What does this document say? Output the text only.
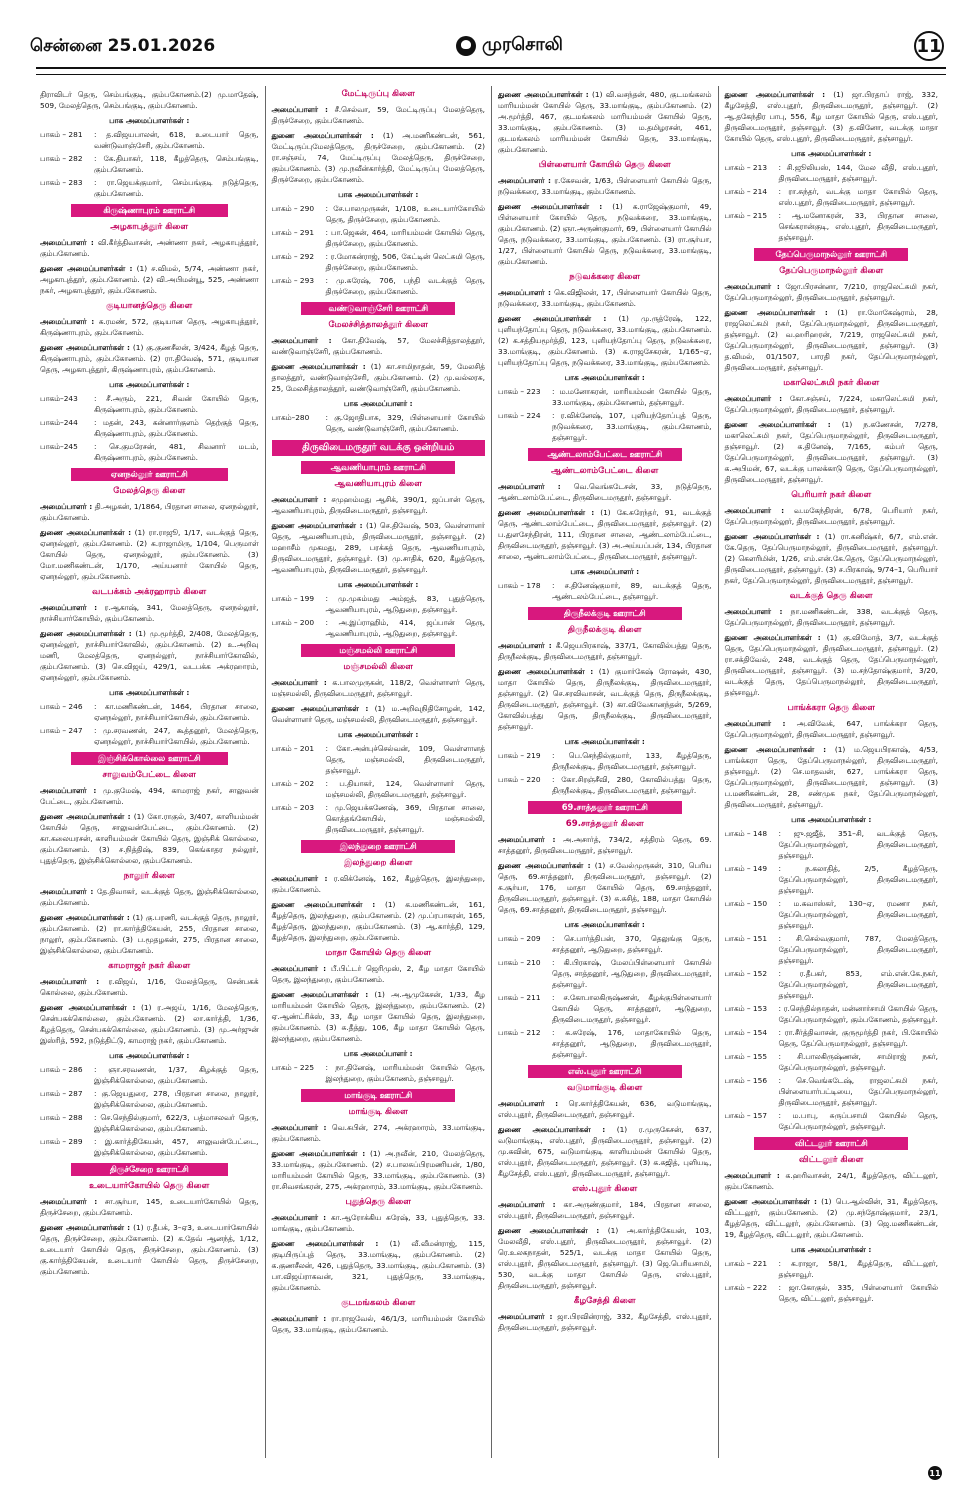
சென்னை 25.01.2026	முரசொலி	11
திராவிடர் தெரு, செம்பங்குடி, கும்பகோணம்.(2) மு.மாதேஷ், 509, மேலத்தெரு, செம்பங்குடி, கும்பகோணம்.
பாக அமைப்பாளர்கள் :
பாகம் – 281	: த.விஜயபாலன், 618, உடையார் தெரு, வண்டுவாஞ்சேரி, கும்பகோணம்.
பாகம் – 282	: கே.தியாகர், 118, கீழத்தெரு, செம்பங்குடி, கும்பகோணம்.
பாகம் – 283	: ரா.ஜெயக்குமார், செம்பங்குடி நடுத்தெரு, கும்பகோணம்.
கிருஷ்ணாபுரம் ஊராட்சி
அழகாபுத்தூர் கிளை
அமைப்பாளர் : வி.கீர்த்திவாசன், அண்ணா நகர், அழகாபுத்தூர், கும்பகோணம்.
துணை அமைப்பாளர்கள் : (1) ச.விமல், 5/74, அண்ணா நகர், அழகாபுத்தூர், கும்பகோணம். (2) வி.அபிமன்யூ, 525, அண்ணா நகர், அழகாபுத்தூர், கும்பகோணம்.
குடியானத்தெரு கிளை
அமைப்பாளர் : க.ரமண், 572, குடியான தெரு, அழகாபுத்தூர், கிருஷ்ணாபுரம், கும்பகோணம்.
துணை அமைப்பாளர்கள் : (1) கு.குணசீலன், 3/424, கீழத் தெரு, கிருஷ்ணாபுரம், கும்பகோணம். (2) ரா.திவேஷ், 571, குடியான தெரு, அழகாபுத்தூர், கிருஷ்ணாபுரம், கும்பகோணம்.
பாக அமைப்பாளர்கள் :
பாகம்–243	: சீ.அரும், 221, சிவன் கோயில் தெரு, கிருஷ்ணாபுரம், கும்பகோணம்.
பாகம்–244	: மதன், 243, கன்னார்குளம் தெற்குத் தெரு, கிருஷ்ணாபுரம், கும்பகோணம்.
பாகம்–245	: செ.குமரேசன், 481, சிவனார் மடம், கிருஷ்ணாபுரம், கும்பகோணம்.
ஏனநல்லூர் ஊராட்சி
மேலத்தெரு கிளை
அமைப்பாளர் : தி.அழகன், 1/1864, பிரதான சாலை, ஏனநல்லூர், கும்பகோணம்.
துணை அமைப்பாளர்கள் : (1) ரா.ராஜூ, 1/17, வடக்குத் தெரு, ஏனநல்லூர், கும்பகோணம். (2) க.ராஜாமிரு, 1/104, பெருமாள் கோயில் தெரு, ஏனநல்லூர், கும்பகோணம். (3) மோ.மணிகண்டன், 1/170, அய்யனார் கோயில் தெரு, ஏனநல்லூர், கும்பகோணம்.
வடபக்கம் அக்ரஹாரம் கிளை
அமைப்பாளர் : ர.ஆகாஷ், 341, மேலத்தெரு, ஏனநல்லூர், நாச்சியார்கோயில், கும்பகோணம்.
துணை அமைப்பாளர்கள் : (1) மு.மூர்த்தி, 2/408, மேலத்தெரு, ஏனநல்லூர், நாச்சியார்கோவில், கும்பகோணம். (2) உ.அறிவு மணி, மேலத்தெரு, ஏனநல்லூர், நாச்சியார்கோவில், கும்பகோணம். (3) செ.விஜய், 429/1, வடபக்க அக்ரஹாரம், ஏனநல்லூர், கும்பகோணம்.
பாக அமைப்பாளர்கள் :
பாகம் – 246	: கா.மணிகண்டன், 1464, பிரதான சாலை, ஏனநல்லூர், நாச்சியார்கோயில், கும்பகோணம்.
பாகம் – 247	: மு.சரவணன், 247, கூத்தனூர், மேலத்தெரு, ஏனநல்லூர், நாச்சியார்கோயில், கும்பகோணம்.
இஞ்சிக்கொல்லை ஊராட்சி
சாலுவம்பேட்டை கிளை
அமைப்பாளர் : மு.குமேஷ், 494, காமராஜ் நகர், சாலுவன் பேட்டை, கும்பகோணம்.
துணை அமைப்பாளர்கள் : (1) கோ.ராகுல், 3/407, காளியம்மன் கோயில் தெரு, சாலுவன்பேட்டை, கும்பகோணம். (2) கா.கலையரசன், காளியம்மன் கோயில் தெரு, இஞ்சிக் கொல்லை, கும்பகோணம். (3) ச.நித்திஷ், 839, கெங்காதர நல்லூர், புதுத்தெரு, இஞ்சிக்கொல்லை, கும்பகோணம்.
நாலூர் கிளை
அமைப்பாளர் : தே.திவாகர், வடக்குத் தெரு, இஞ்சிக்கொல்லை, கும்பகோணம்.
துணை அமைப்பாளர்கள் : (1) கு.பரணி, வடக்குத் தெரு, நாலூர், கும்பகோணம். (2) ரா.கார்த்திகேயன், 255, பிரதான சாலை, நாலூர், கும்பகோணம். (3) ப.மூதழகன், 275, பிரதான சாலை, இஞ்சிக்கொல்லை, கும்பகோணம்.
காமராஜர் நகர் கிளை
அமைப்பாளர் : ர.விஜய், 1/16, மேலத்தெரு, சென்பகக் கொல்லை, கும்பகோணம்.
துணை அமைப்பாளர்கள் : (1) ர.அஜய், 1/16, மேலத்தெரு, சென்பகக்கொல்லை, கும்பகோணம். (2) லா.கார்த்தி, 1/36, கீழத்தெரு, சென்பகக்கொல்லை, கும்பகோணம். (3) மு.அர்ஜுன் இஸ்ரித், 592, நடுத்திட்டு, காமராஜ் நகர், கும்பகோணம்.
பாக அமைப்பாளர்கள் :
பாகம் – 286	: ஞா.சரவணன், 1/37, கிழக்குத் தெரு, இஞ்சிக்கொல்லை, கும்பகோணம்.
பாகம் – 287	: கு.ஜெயதுரை, 278, பிரதான சாலை, நாலூர், இஞ்சிக்கொல்லை, கும்பகோணம்.
பாகம் – 288	: செ.செந்தில்குமார், 622/3, பத்மாசலவர் தெரு, இஞ்சிக்கொல்லை, கும்பகோணம்.
பாகம் – 289	: இ.கார்த்திகேயன், 457, சாலுவன்பேட்டை, இஞ்சிக்கொல்லை, கும்பகோணம்.
திருச்சேறை ஊராட்சி
உடையார்கோயில் தெரு கிளை
அமைப்பாளர் : சா.சூர்யா, 145, உடையார்கோயில் தெரு, திருச்சேறை, கும்பகோணம்.
துணை அமைப்பாளர்கள் : (1) ர.தீபக், 3–ஏ3, உடையார்கோயில் தெரு, திருச்சேறை, கும்பகோணம். (2) க.தேவ் ஆனந்த், 1/12, உடையார் கோயில் தெரு, திருச்சேறை, கும்பகோணம். (3) கு.கார்த்திகேயன், உடையார் கோயில் தெரு, திருச்சேறை, கும்பகோணம்.
மேட்டிருப்பு கிளை
அமைப்பாளர் : சீ.செல்வா, 59, மேட்டிருப்பு மேலத்தெரு, திருச்சேறை, கும்பகோணம்.
துணை அமைப்பாளர்கள் : (1) அ.மணிகண்டன், 561, மேட்டிருப்புமேலத்தெரு, திருச்சேறை, கும்பகோணம். (2) ரா.சஞ்சய், 74, மேட்டிருப்பு மேலத்தெரு, திருச்சேறை, கும்பகோணம். (3) மு.நவீன்கார்த்தி, மேட்டிருப்பு மேலத்தெரு, திருச்சேறை, கும்பகோணம்.
பாக அமைப்பாளர்கள் :
பாகம் – 290	: சே.பாலமுருகன், 1/108, உடையார்கோயில் தெரு, திருச்சேறை, கும்பகோணம்.
பாகம் – 291	: பா.ஜெகன், 464, மாரியம்மன் கோயில் தெரு, திருச்சேறை, கும்பகோணம்.
பாகம் – 292	: ர.மோகன்ராஜ், 506, கேட்டின் லெட்சுமி தெரு, திருச்சேறை, கும்பகோணம்.
பாகம் – 293	: மு.சுரேஷ், 706, பந்தி வடக்குத் தெரு, திருச்சேறை, கும்பகோணம்.
வண்டுவாஞ்சேரி ஊராட்சி
மேலச்சித்தாலத்தூர் கிளை
அமைப்பாளர் : கோ.திவேஷ், 57, மேலச்சித்தாலத்தூர், வண்டுவாஞ்சேரி, கும்பகோணம்.
துணை அமைப்பாளர்கள் : (1) கா.சாமிநாதன், 59, மேலசித் தாலத்தூர், வண்டுவாஞ்சேரி, கும்பகோணம். (2) மு.வல்லரசு, 25, மேலசித்தாலத்தூர், வண்டுவாஞ்சேரி, கும்பகோணம்.
பாக அமைப்பாளர் :
பாகம்–280	: கு.ஜோதிபாசு, 329, பிள்ளையார் கோயில் தெரு, வண்டுவாஞ்சேரி, கும்பகோணம்.
திருவிடைமருதூர் வடக்கு ஒன்றியம்
ஆவணியாபுரம் ஊராட்சி
ஆவணியாபுரம் கிளை
அமைப்பாளர் : சமுஹம்மது ஆசிக், 390/1, ஜப்பான் தெரு, ஆவணியாபுரம், திருவிடைமருதூர், தஞ்சாவூர்.
துணை அமைப்பாளர்கள் : (1) செ.திவேஷ், 503, வெள்ளாளர் தெரு, ஆவணியாபுரம், திருவிடைமருதூர், தஞ்சாவூர். (2) மஹாசீம் முகமது, 289, பரக்கத் தெரு, ஆவணியாபுரம், திருவிடைமருதூர், தஞ்சாவூர். (3) மு.சாதிக், 620, கீழத்தெரு, ஆவணியாபுரம், திருவிடைமருதூர், தஞ்சாவூர்.
பாக அமைப்பாளர்கள் :
பாகம் – 199	: மு.முகம்மது அம்ஜத், 83, புதுத்தெரு, ஆவணியாபுரம், ஆடுதுறை, தஞ்சாவூர்.
பாகம் – 200	: அ.இப்ராஹிம், 414, ஜப்பான் தெரு, ஆவணியாபுரம், ஆடுதுறை, தஞ்சாவூர்.
மஞ்சமல்லி ஊராட்சி
மஞ்சமல்லி கிளை
அமைப்பாளர் : க.பாலமுருகன், 118/2, வெள்ளாளர் தெரு, மஞ்சமல்லி, திருவிடைமருதூர், தஞ்சாவூர்.
துணை அமைப்பாளர்கள் : (1) ம.அறிவுநிதிசோழன், 142, வெள்ளாளர் தெரு, மஞ்சமல்லி, திருவிடைமருதூர், தஞ்சாவூர்.
பாக அமைப்பாளர்கள் :
பாகம் – 201	: கோ.அன்புச்செல்வன், 109, வெள்ளாளத் தெரு, மஞ்சமல்லி, திருவிடைமருதூர், தஞ்சாவூர்.
பாகம் – 202	: ப.தியாகர், 124, வெள்ளாளர் தெரு, மஞ்சமல்லி, திருவிடைமருதூர், தஞ்சாவூர்.
பாகம் – 203	: மு.ஜெயக்கணேஷ், 369, பிரதான சாலை, கொத்தங்கோயில், மஞ்சமல்லி, திருவிடைமருதூர், தஞ்சாவூர்.
இலந்துறை ஊராட்சி
இலந்துறை கிளை
அமைப்பாளர் : ர.விக்னேஷ், 162, கீழத்தெரு, இலந்துறை, கும்பகோணம்.
துணை அமைப்பாளர்கள் : (1) க.மணிகண்டன், 161, கீழத்தெரு, இலந்துறை, கும்பகோணம். (2) மு.ப்ரபாகரன், 165, கீழத்தெரு, இலந்துறை, கும்பகோணம். (3) ஆ.கார்த்தி, 129, கீழத்தெரு, இலந்துறை, கும்பகோணம்.
மாதா கோயில் தெரு கிளை
அமைப்பாளர் : பீ.பிட்டர் ஜெரிமுஸ், 2, கீழ மாதா கோயில் தெரு, இலந்துறை, கும்பகோணம்.
துணை அமைப்பாளர்கள் : (1) அ.ஆமுகேசன், 1/33, கீழ மாரியம்மன் கோயில் தெரு, இலந்துறை, கும்பகோணம். (2) ஏ.ஆண்ட்ரிக்ஸ், 33, கீழ மாதா கோயில் தெரு, இலந்துறை, கும்பகோணம். (3) சு.தீத்து, 106, கீழ மாதா கோயில் தெரு, இலந்துறை, கும்பகோணம்.
பாக அமைப்பாளர் :
பாகம் – 225	: நா.தினேஷ், மாரியம்மன் கோயில் தெரு, இலந்துறை, கும்பகோணம், தஞ்சாவூர்.
மாங்குடி ஊராட்சி
மாங்குடி கிளை
அமைப்பாளர் : வெ.சுபின், 274, அக்ரஹாரம், 33.மாங்குடி, கும்பகோணம்.
துணை அமைப்பாளர்கள் : (1) அ.நவீன், 210, மேலத்தெரு, 33.மாங்குடி, கும்பகோணம். (2) ச.பாலசுப்பிரமணியன், 1/80, மாரியம்மன் கோயில் தெரு, 33.மாங்குடி, கும்பகோணம். (3) ரா.சிவசங்கரன், 275, அக்ரஹாரம், 33.மாங்குடி, கும்பகோணம்.
புதுத்தெரு கிளை
அமைப்பாளர் : கா.ஆரோக்கிய சுரேஷ், 33, புதுத்தெரு, 33. மாங்குடி, கும்பகோணம்.
துணை அமைப்பாளர்கள் : (1) வீ.வீமன்ராஜ், 115, குடியிருப்புத் தெரு, 33.மாங்குடி, கும்பகோணம். (2) க.குணசீலன், 426, புதுத்தெரு, 33.மாங்குடி, கும்பகோணம். (3) பா.விஜய்ராகவன், 321, புதுத்தெரு, 33.மாங்குடி, கும்பகோணம்.
குடமங்கலம் கிளை
அமைப்பாளர் : ரா.ராஜவேல், 46/1/3, மாரியம்மன் கோயில் தெரு, 33.மாங்குடி, கும்பகோணம்.
துணை அமைப்பாளர்கள் : (1) வி.வசந்தன், 480, குடமங்கலம் மாரியம்மன் கோயில் தெரு, 33.மாங்குடி, கும்பகோணம். (2) அ.மூர்த்தி, 467, குடமங்கலம் மாரியம்மன் கோயில் தெரு, 33.மாங்குடி, கும்பகோணம். (3) ம.தமிழரசன், 461, குடமங்கலம் மாரியம்மன் கோயில் தெரு, 33.மாங்குடி, கும்பகோணம்.
பிள்ளையார் கோயில் தெரு கிளை
அமைப்பாளர் : ர.கேசவன், 1/63, பிள்ளையார் கோயில் தெரு, நடுவக்கரை, 33.மாங்குடி, கும்பகோணம்.
துணை அமைப்பாளர்கள் : (1) க.ராஜேஷ்குமார், 49, பிள்ளையார் கோயில் தெரு, நடுவக்கரை, 33.மாங்குடி, கும்பகோணம். (2) ஞா.அருண்குமார், 69, பிள்ளையார் கோயில் தெரு, நடுவக்கரை, 33.மாங்குடி, கும்பகோணம். (3) ரா.சூர்யா, 1/27, பிள்ளையார் கோயில் தெரு, நடுவக்கரை, 33.மாங்குடி, கும்பகோணம்.
நடுவக்கரை கிளை
அமைப்பாளர் : கெ.விஜிலன், 17, பிள்ளையார் கோயில் தெரு, நடுவக்கரை, 33.மாங்குடி, கும்பகோணம்.
துணை அமைப்பாளர்கள் : (1) மு.ருத்ரேஷ், 122, புளியந்தோப்பு தெரு, நடுவக்கரை, 33.மாங்குடி, கும்பகோணம். (2) க.சத்தியமூர்த்தி, 123, புளியந்தோப்பு தெரு, நடுவக்கரை, 33.மாங்குடி, கும்பகோணம். (3) க.ராஜசேகரன், 1/165–ஏ, புளியந்தோப்பு தெரு, நடுவக்கரை, 33.மாங்குடி, கும்பகோணம்.
பாக அமைப்பாளர்கள் :
பாகம் – 223	: ம.மனோகரன், மாரியம்மன் கோயில் தெரு, 33.மாங்குடி, கும்பகோணம், தஞ்சாவூர்.
பாகம் – 224	: ர.விக்னேஷ், 107, புளியந்தோப்புத் தெரு, நடுவக்கரை, 33.மாங்குடி, கும்பகோணம், தஞ்சாவூர்.
ஆண்டலாம்பேட்டை ஊராட்சி
ஆண்டலாம்பேட்டை கிளை
அமைப்பாளர் : வெ.வெங்கடேசன், 33, நடுத்தெரு, ஆண்டலாம்பேட்டை, திருவிடைமருதூர், தஞ்சாவூர்.
துணை அமைப்பாளர்கள் : (1) கே.சுரேந்தர், 91, வடக்குத் தெரு, ஆண்டலாம்பேட்டை, திருவிடைமருதூர், தஞ்சாவூர். (2) ப.துளசேந்திரன், 111, பிரதான சாலை, ஆண்டலாம்பேட்டை, திருவிடைமருதூர், தஞ்சாவூர். (3) அ.அய்யப்பன், 134, பிரதான சாலை, ஆண்டலாம்பேட்டை, திருவிடைமருதூர், தஞ்சாவூர்.
பாக அமைப்பாளர் :
பாகம் – 178	: ச.தினேஷ்குமார், 89, வடக்குத் தெரு, ஆண்டலம்பேட்டை, தஞ்சாவூர்.
திருநீலக்குடி ஊராட்சி
திருநீலக்குடி கிளை
அமைப்பாளர் : கீ.ஜெயபிரகாஷ், 337/1, கோவில்பத்து தெரு, திருநீலக்குடி, திருவிடைமருதூர், தஞ்சாவூர்.
துணை அமைப்பாளர்கள் : (1) குமார்கேஷ் ரோஷன், 430, மாதா கோயில் தெரு, திருநீலக்குடி, திருவிடைமருதூர், தஞ்சாவூர். (2) செ.சரவிவாசன், வடக்குத் தெரு, திருநீலக்குடி, திருவிடைமருதூர், தஞ்சாவூர். (3) கா.விவேகானந்தன், 5/269, கோவில்பத்து தெரு, திருநீலக்குடி, திருவிடைமருதூர், தஞ்சாவூர்.
பாக அமைப்பாளர்கள் :
பாகம் – 219	: பெ.செந்தில்குமார், 133, கீழத்தெரு, திருநீலக்குடி, திருவிடைமருதூர், தஞ்சாவூர்.
பாகம் – 220	: கோ.சிரஞ்சீவி, 280, கோவில்பத்து தெரு, திருநீலக்குடி, திருவிடைமருதூர், தஞ்சாவூர்.
69.சாத்தனூர் ஊராட்சி
69.சாத்தனூர் கிளை
அமைப்பாளர் : அ.அசார்த், 734/2, சத்திரம் தெரு, 69. சாத்தனூர், திருவிடைமருதூர், தஞ்சாவூர்.
துணை அமைப்பாளர்கள் : (1) ச.வேல்முருகன், 310, பெரிய தெரு, 69.சாத்தனூர், திருவிடைமருதூர், தஞ்சாவூர். (2) சு.சூர்யா, 176, மாதா கோயில் தெரு, 69.சாத்தனூர், திருவிடைமருதூர், தஞ்சாவூர். (3) சு.சுசித், 188, மாதா கோயில் தெரு, 69.சாத்தனூர், திருவிடைமருதூர், தஞ்சாவூர்.
பாக அமைப்பாளர்கள் :
பாகம் – 209	: செ.பார்த்திபன், 370, தெலுங்கு தெரு, சாத்தனூர், ஆடுதுறை, தஞ்சாவூர்.
பாகம் – 210	: கி.பிரகாஷ், மேலப்பிள்ளையார் கோயில் தெரு, சாத்தனூர், ஆடுதுறை, திருவிடைமருதூர், தஞ்சாவூர்.
பாகம் – 211	: ச.கோபாலகிருஷ்ணன், கீழக்குபிள்ளையார் கோயில் தெரு, சாத்தனூர், ஆடுதுறை, திருவிடைமருதூர், தஞ்சாவூர்.
பாகம் – 212	: க.சுரேஷ், 176, மாதாகோயில் தெரு, சாத்தனூர், ஆடுதுறை, திருவிடைமருதூர், தஞ்சாவூர்.
எஸ்.புதூர் ஊராட்சி
வடுமாங்குடி கிளை
அமைப்பாளர் : ரெ.கார்த்திகேயன், 636, வடுமாங்குடி, எஸ்.புதூர், திருவிடைமருதூர், தஞ்சாவூர்.
துணை அமைப்பாளர்கள் : (1) ர.முருகேசன், 637, வடுமாங்குடி, எஸ்.புதூர், திருவிடைமருதூர், தஞ்சாவூர். (2) மு.கவின், 675, வடுமாங்குடி காளியம்மன் கோயில் தெரு, எஸ்.புதூர், திருவிடைமருதூர், தஞ்சாவூர். (3) க.சுஜித், புளியடி, கீழசேத்தி, எஸ்.புதூர், திருவிடைமருதூர், தஞ்சாவூர்.
எஸ்.புதூர் கிளை
அமைப்பாளர் : கா.அருண்குமார், 184, பிரதான சாலை, எஸ்.புதூர், திருவிடைமருதூர், தஞ்சாவூர்.
துணை அமைப்பாளர்கள் : (1) அ.கார்த்திகேயன், 103, மேலவீதி, எஸ்.புதூர், திருவிடைமருதூர், தஞ்சாவூர். (2) ரெ.உலகநாதன், 525/1, வடக்கு மாதா கோயில் தெரு, எஸ்.புதூர், திருவிடைமருதூர், தஞ்சாவூர். (3) ஜெ.பெரியசாமி, 530, வடக்கு மாதா கோயில் தெரு, எஸ்.புதூர், திருவிடைமருதூர், தஞ்சாவூர்.
கீழசேத்தி கிளை
அமைப்பாளர் : ஜா.பிரவின்ராஜ், 332, கீழசேத்தி, எஸ்.புதூர், திருவிடைமருதூர், தஞ்சாவூர்.
துணை அமைப்பாளர்கள் : (1) ஜா.பிரதாப் ராஜ், 332, கீழசேத்தி, எஸ்.புதூர், திருவிடைமருதூர், தஞ்சாவூர். (2) ஆ.தகேந்திர பாபு, 556, கீழ மாதா கோயில் தெரு, எஸ்.புதூர், திருவிடைமருதூர், தஞ்சாவூர். (3) த.வினோ, வடக்கு மாதா கோயில் தெரு, எஸ்.புதூர், திருவிடைமருதூர், தஞ்சாவூர்.
பாக அமைப்பாளர்கள் :
பாகம் – 213	: சி.ஜூலியஸ், 144, மேல வீதி, எஸ்.புதூர், திருவிடைமருதூர், தஞ்சாவூர்.
பாகம் – 214	: ரா.சுந்தர், வடக்கு மாதா கோயில் தெரு, எஸ்.புதூர், திருவிடைமருதூர், தஞ்சாவூர்.
பாகம் – 215	: ஆ.மனோகரன், 33, பிரதான சாலை, செங்கரான்குடி, எஸ்.புதூர், திருவிடைமருதூர், தஞ்சாவூர்.
தேப்பெருமாநல்லூர் ஊராட்சி
தேப்பெருமாநல்லூர் கிளை
அமைப்பாளர் : ஜோ.பிரசன்னா, 7/210, ராஜலெட்சுமி நகர், தேப்பெருமாநல்லூர், திருவிடைமருதூர், தஞ்சாவூர்.
துணை அமைப்பாளர்கள் : (1) ரா.மோகேஷ்ராம், 28, ராஜலெட்சுமி நகர், தேப்பெருமாநல்லூர், திருவிடைமருதூர், தஞ்சாவூர். (2) வ.ஹரிஹரன், 7/219, ராஜலெட்சுமி நகர், தேப்பெருமாநல்லூர், திருவிடைமருதூர், தஞ்சாவூர். (3) த.விமல், 01/1507, பாரதி நகர், தேப்பெருமாநல்லூர், திருவிடைமருதூர், தஞ்சாவூர்.
மகாலெட்சுமி நகர் கிளை
அமைப்பாளர் : கோ.சஞ்சய், 7/224, மகாலெட்சுமி நகர், தேப்பெருமாநல்லூர், திருவிடைமருதூர், தஞ்சாவூர்.
துணை அமைப்பாளர்கள் : (1) ந.கணேசன், 7/278, மகாலெட்சுமி நகர், தேப்பெருமாநல்லூர், திருவிடைமருதூர், தஞ்சாவூர். (2) க.தினேஷ், 7/165, கம்பர் தெரு, தேப்பெருமாநல்லூர், திருவிடைமருதூர், தஞ்சாவூர். (3) க.அபிமன், 67, வடக்கு பாலக்காடு தெரு, தேப்பெருமாநல்லூர், திருவிடைமருதூர், தஞ்சாவூர்.
பெரியார் நகர் கிளை
அமைப்பாளர் : வ.மகேந்திரன், 6/78, பெரியார் நகர், தேப்பெருமாநல்லூர், திருவிடைமருதூர், தஞ்சாவூர்.
துணை அமைப்பாளர்கள் : (1) ரா.கனிஷ்கர், 6/7, எம்.என். கே.தெரு, தேப்பெருமாநல்லூர், திருவிடைமருதூர், தஞ்சாவூர். (2) கௌரிமின், 1/26, எம்.என்.கே.தெரு, தேப்பெருமாநல்லூர், திருவிடைமருதூர், தஞ்சாவூர். (3) ச.பிரகாஷ், 9/74–1, பெரியார் நகர், தேப்பெருமாநல்லூர், திருவிடைமருதூர், தஞ்சாவூர்.
வடக்குத் தெரு கிளை
அமைப்பாளர் : நா.மணிகண்டன், 338, வடக்குத் தெரு, தேப்பெருமாநல்லூர், திருவிடைமருதூர், தஞ்சாவூர்.
துணை அமைப்பாளர்கள் : (1) கு.விமோத், 3/7, வடக்குத் தெரு, தேப்பெருமாநல்லூர், திருவிடைமருதூர், தஞ்சாவூர். (2) ரா.சக்திவேல், 248, வடக்குத் தெரு, தேப்பெருமாநல்லூர், திருவிடைமருதூர், தஞ்சாவூர். (3) ம.சந்தோஷ்குமார், 3/20, வடக்குத் தெரு, தேப்பெருமாநல்லூர், திருவிடைமருதூர், தஞ்சாவூர்.
பாங்க்கரா தெரு கிளை
அமைப்பாளர் : அ.விவேக், 647, பாங்க்கரா தெரு, தேப்பெருமாநல்லூர், திருவிடைமருதூர், தஞ்சாவூர்.
துணை அமைப்பாளர்கள் : (1) ம.ஜெயபிரகாஷ், 4/53, பாங்க்கரா தெரு, தேப்பெருமாநல்லூர், திருவிடைமருதூர், தஞ்சாவூர். (2) செ.மாதவன், 627, பாங்க்கரா தெரு, தேப்பெருமாநல்லூர், திருவிடைமருதூர், தஞ்சாவூர். (3) ப.மணிகண்டன், 28, சண்முக நகர், தேப்பெருமாநல்லூர், திருவிடைமருதூர், தஞ்சாவூர்.
பாக அமைப்பாளர்கள் :
பாகம் – 148	: ஜு.ஜஜீத், 351–சி, வடக்குத் தெரு, தேப்பெருமாநல்லூர், திருவிடைமருதூர், தஞ்சாவூர்.
பாகம் – 149	: ந.கலாதித், 2/5, கீழத்தெரு, தேப்பெருமாநல்லூர், திருவிடைமருதூர், தஞ்சாவூர்.
பாகம் – 150	: ம.கவாஸ்கர், 130–ஏ, ரமணா நகர், தேப்பெருமாநல்லூர், திருவிடைமருதூர், தஞ்சாவூர்.
பாகம் – 151	: சி.செல்வகுமார், 787, மேலத்தெரு, தேப்பெருமாநல்லூர், திருவிடைமருதூர், தஞ்சாவூர்.
பாகம் – 152	: ர.தீபகர், 853, எம்.என்.கே.நகர், தேப்பெருமாநல்லூர், திருவிடைமருதூர், தஞ்சாவூர்.
பாகம் – 153	: ர.செந்தில்நாதன், மன்னார்சாமி கோயில் தெரு, தேப்பெருமாநல்லூர், கும்பகோணம், தஞ்சாவூர்.
பாகம் – 154	: ரா.சீர்த்திவாசன், குருமூர்த்தி நகர், பி.கோயில் தெரு, தேப்பெருமாநல்லூர், தஞ்சாவூர்.
பாகம் – 155	: சி.பாலகிருஷ்ணன், சாமிராஜ் நகர், தேப்பெருமாநல்லூர், தஞ்சாவூர்.
பாகம் – 156	: செ.வெங்கடேஷ், ராஜலட்சுமி நகர், பிள்ளையார்பட்டியை, தேப்பெருமாநல்லூர், திருவிடைமருதூர், தஞ்சாவூர்.
பாகம் – 157	: ம.பாபு, சுருப்பசாமி கோயில் தெரு, தேப்பெருமாநல்லூர், தஞ்சாவூர்.
விட்டலூர் ஊராட்சி
விட்டலூர் கிளை
அமைப்பாளர் : க.ஹரிவாசன், 24/1, கீழத்தெரு, விட்டலூர், கும்பகோணம்.
துணை அமைப்பாளர்கள் : (1) பெ.ஆல்வின், 31, கீழத்தெரு, விட்டலூர், கும்பகோணம். (2) மு.சந்தோஷ்குமார், 23/1, கீழத்தெரு, விட்டலூர், கும்பகோணம். (3) ஜெ.மணிகண்டன், 19, கீழத்தெரு, விட்டலூர், கும்பகோணம்.
பாக அமைப்பாளர்கள் :
பாகம் – 221	: க.ராஜா, 58/1, கீழத்தெரு, விட்டலூர், தஞ்சாவூர்.
பாகம் – 222	: ஜா.கோகுல், 335, பிள்ளையார் கோயில் தெரு, விட்டலூர், தஞ்சாவூர்.
11
